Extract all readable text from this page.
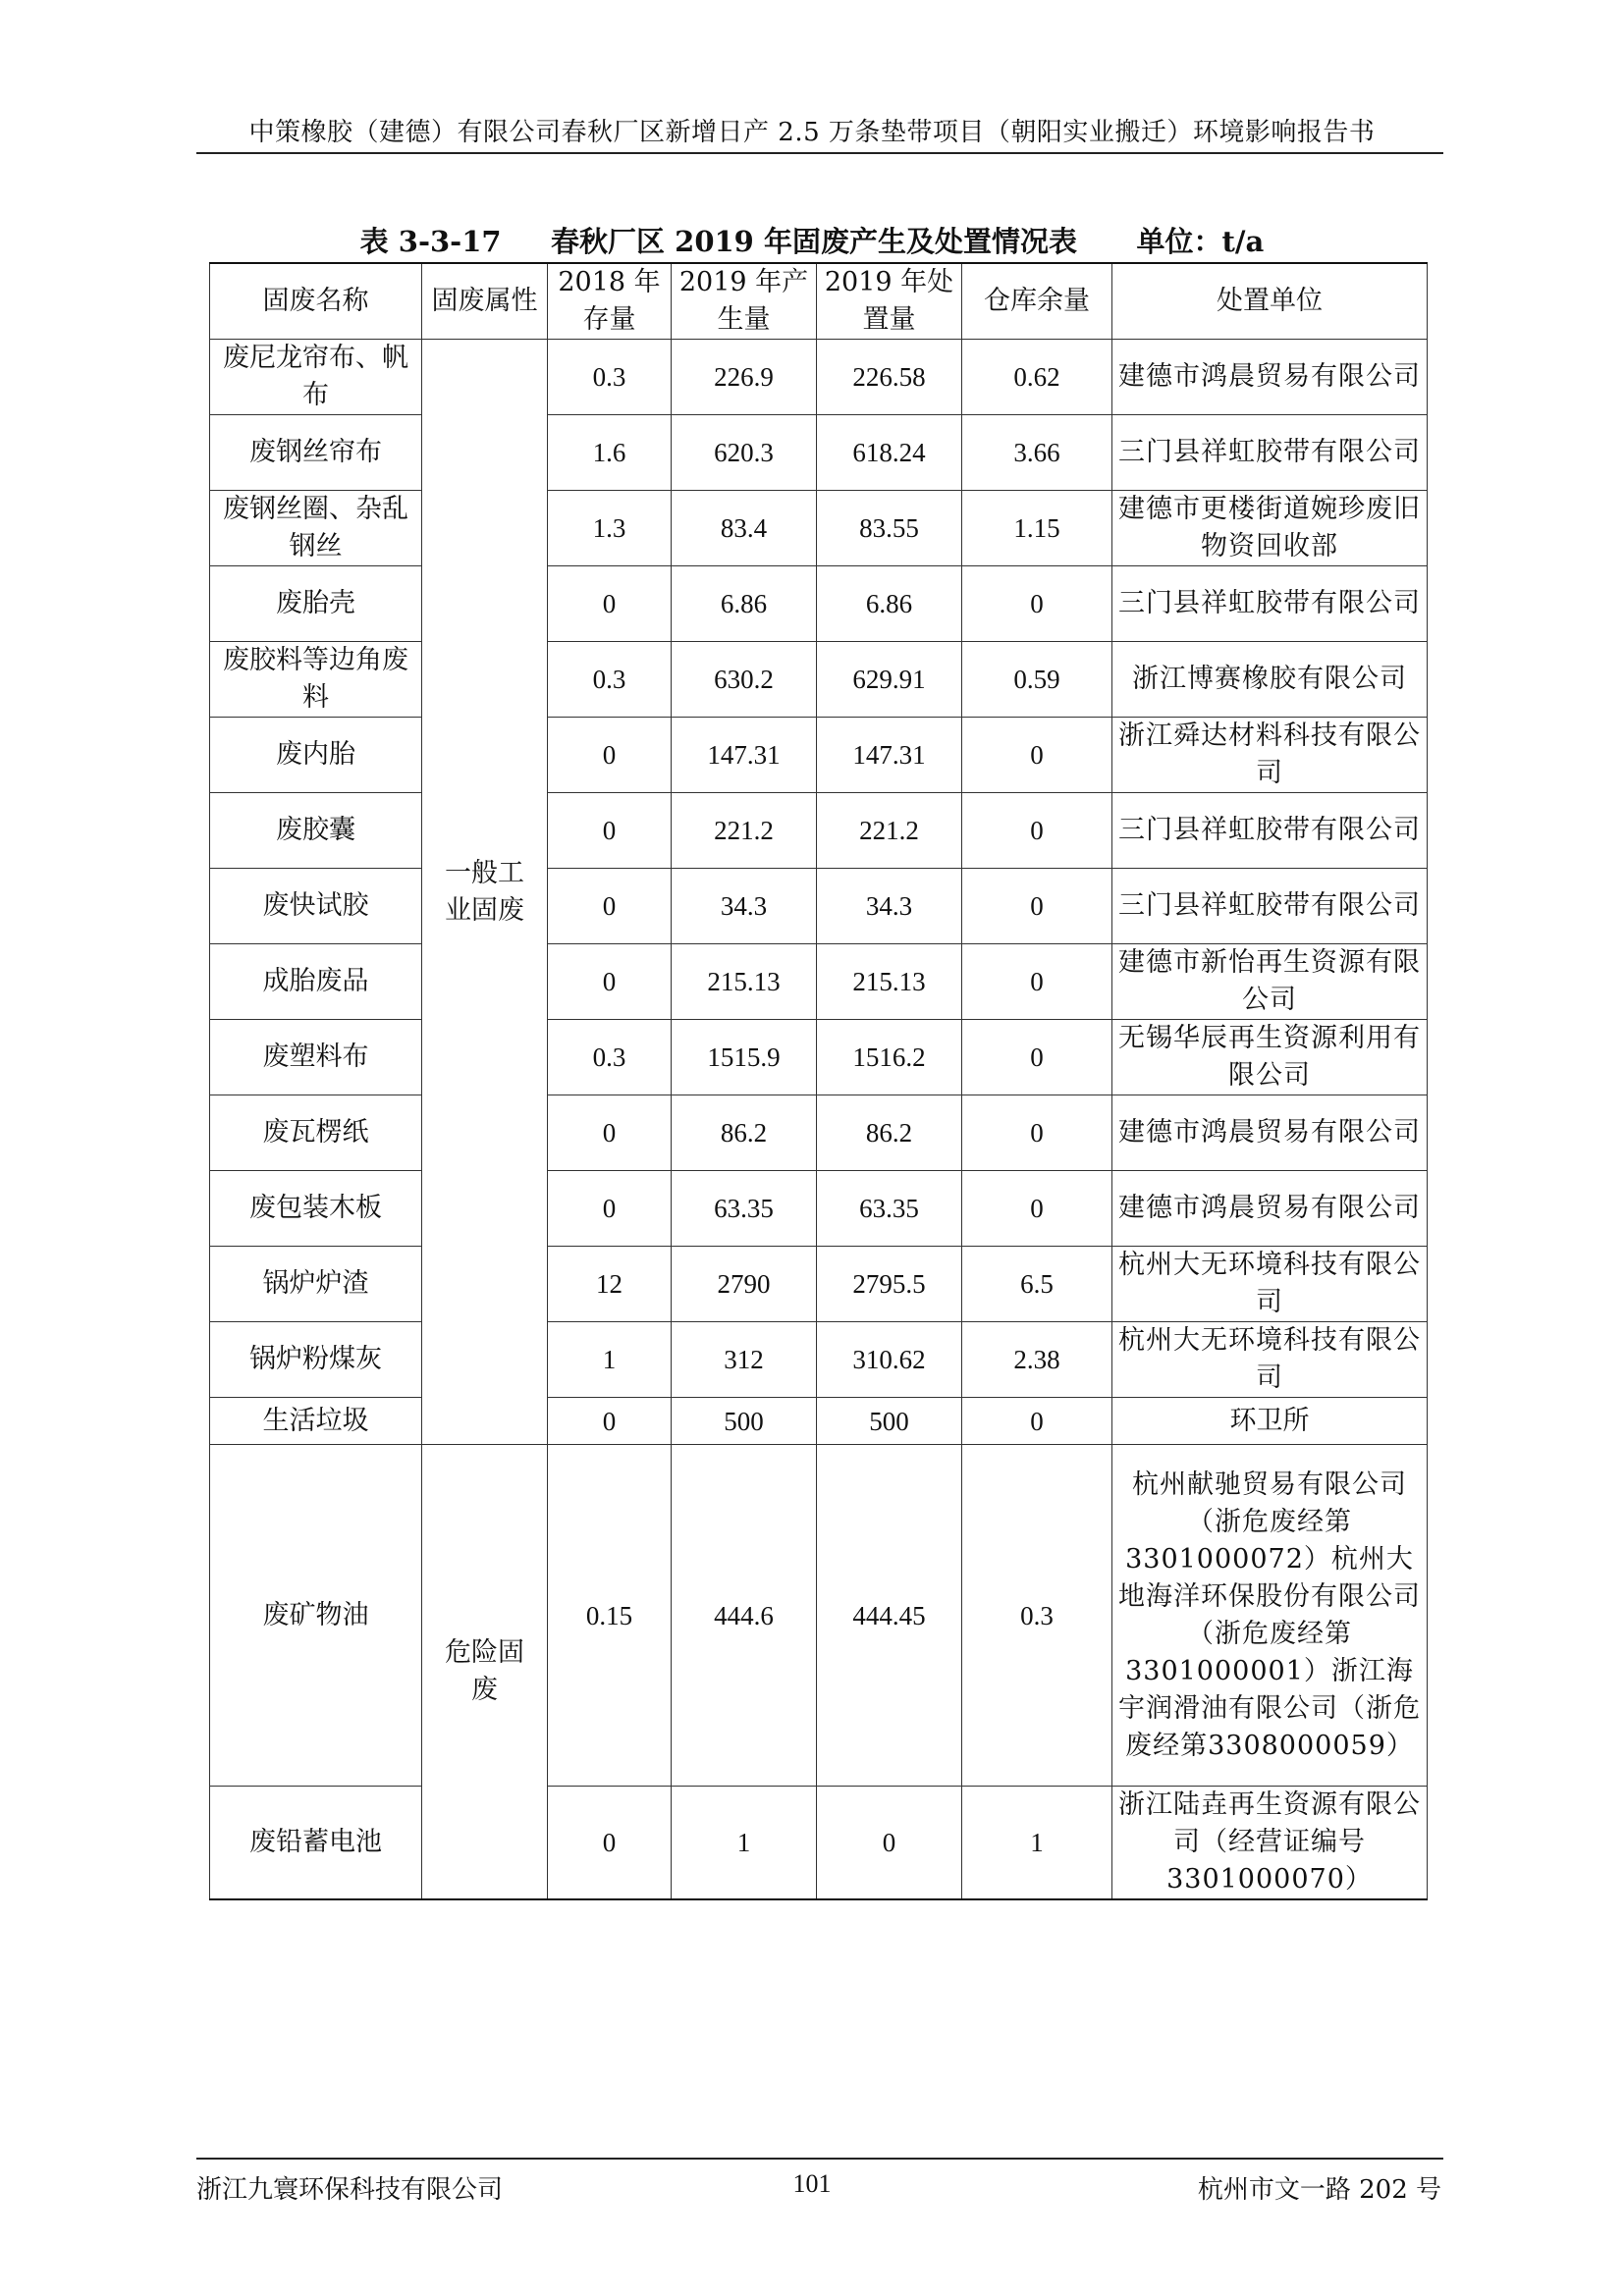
中策橡胶（建德）有限公司春秋厂区新增日产 2.5 万条垫带项目（朝阳实业搬迁）环境影响报告书
表 3-3-17 春秋厂区 2019 年固废产生及处置情况表 单位：t/a
固废名称	固废属性	2018 年存量	2019 年产生量	2019 年处置量	仓库余量	处置单位
废尼龙帘布、帆布	一般工业固废	0.3	226.9	226.58	0.62	建德市鸿晨贸易有限公司
废钢丝帘布		1.6	620.3	618.24	3.66	三门县祥虹胶带有限公司
废钢丝圈、杂乱钢丝		1.3	83.4	83.55	1.15	建德市更楼街道婉珍废旧物资回收部
废胎壳		0	6.86	6.86	0	三门县祥虹胶带有限公司
废胶料等边角废料		0.3	630.2	629.91	0.59	浙江博赛橡胶有限公司
废内胎		0	147.31	147.31	0	浙江舜达材料科技有限公司
废胶囊		0	221.2	221.2	0	三门县祥虹胶带有限公司
废快试胶		0	34.3	34.3	0	三门县祥虹胶带有限公司
成胎废品		0	215.13	215.13	0	建德市新怡再生资源有限公司
废塑料布		0.3	1515.9	1516.2	0	无锡华辰再生资源利用有限公司
废瓦楞纸		0	86.2	86.2	0	建德市鸿晨贸易有限公司
废包装木板		0	63.35	63.35	0	建德市鸿晨贸易有限公司
锅炉炉渣		12	2790	2795.5	6.5	杭州大无环境科技有限公司
锅炉粉煤灰		1	312	310.62	2.38	杭州大无环境科技有限公司
生活垃圾		0	500	500	0	环卫所
废矿物油	危险固废	0.15	444.6	444.45	0.3	杭州献驰贸易有限公司（浙危废经第3301000072）杭州大地海洋环保股份有限公司（浙危废经第3301000001）浙江海宇润滑油有限公司（浙危废经第3308000059）
废铅蓄电池		0	1	0	1	浙江陆垚再生资源有限公司（经营证编号3301000070）
浙江九寰环保科技有限公司	101	杭州市文一路 202 号
